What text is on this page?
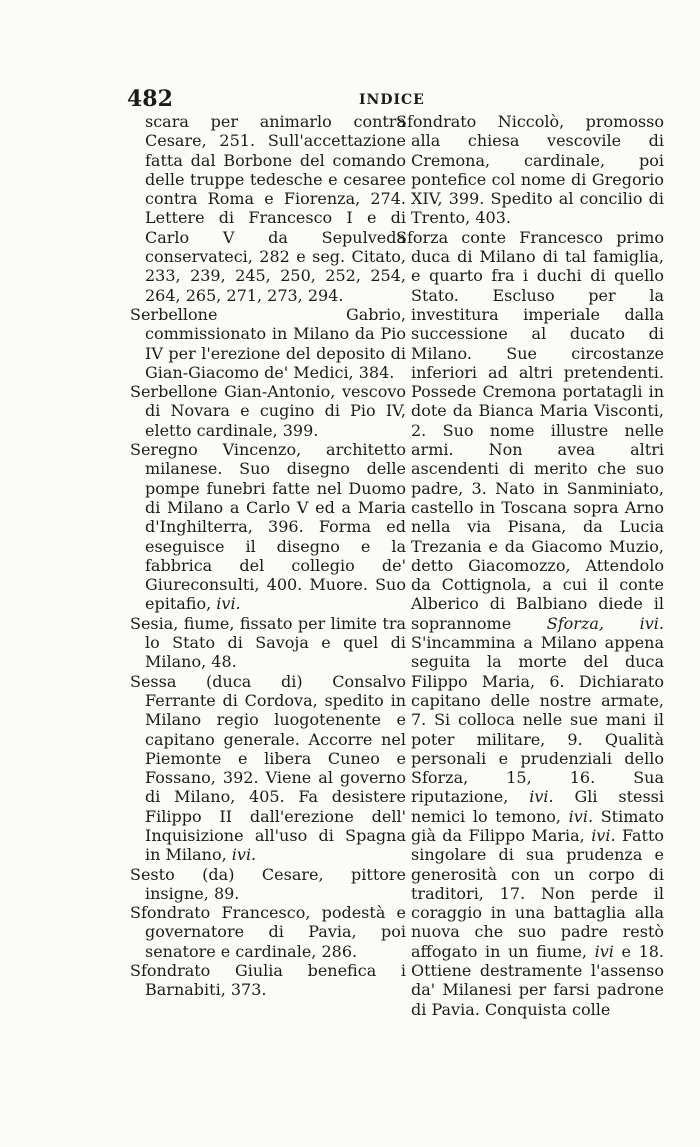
482	INDICE

scara per animarlo contra Cesare, 251. Sull'accettazione fatta dal Borbone del comando delle truppe tedesche e cesaree contra Roma e Fiorenza, 274. Lettere di Francesco I e di Carlo V da Sepulveda conservateci, 282 e seg. Citato, 233, 239, 245, 250, 252, 254, 264, 265, 271, 273, 294.

Serbellone Gabrio, commissionato in Milano da Pio IV per l'erezione del deposito di Gian-Giacomo de' Medici, 384.

Serbellone Gian-Antonio, vescovo di Novara e cugino di Pio IV, eletto cardinale, 399.

Seregno Vincenzo, architetto milanese. Suo disegno delle pompe funebri fatte nel Duomo di Milano a Carlo V ed a Maria d'Inghilterra, 396. Forma ed eseguisce il disegno e la fabbrica del collegio de' Giureconsulti, 400. Muore. Suo epitafio, ivi.

Sesia, fiume, fissato per limite tra lo Stato di Savoja e quel di Milano, 48.

Sessa (duca di) Consalvo Ferrante di Cordova, spedito in Milano regio luogotenente e capitano generale. Accorre nel Piemonte e libera Cuneo e Fossano, 392. Viene al governo di Milano, 405. Fa desistere Filippo II dall'erezione dell' Inquisizione all'uso di Spagna in Milano, ivi.

Sesto (da) Cesare, pittore insigne, 89.

Sfondrato Francesco, podestà e governatore di Pavia, poi senatore e cardinale, 286.

Sfondrato Giulia benefica i Barnabiti, 373.

Sfondrato Niccolò, promosso alla chiesa vescovile di Cremona, cardinale, poi pontefice col nome di Gregorio XIV, 399. Spedito al concilio di Trento, 403.

Sforza conte Francesco primo duca di Milano di tal famiglia, e quarto fra i duchi di quello Stato. Escluso per la investitura imperiale dalla successione al ducato di Milano. Sue circostanze inferiori ad altri pretendenti. Possede Cremona portatagli in dote da Bianca Maria Visconti, 2. Suo nome illustre nelle armi. Non avea altri ascendenti di merito che suo padre, 3. Nato in Sanminiato, castello in Toscana sopra Arno nella via Pisana, da Lucia Trezania e da Giacomo Muzio, detto Giacomozzo, Attendolo da Cottignola, a cui il conte Alberico di Balbiano diede il soprannome Sforza, ivi. S'incammina a Milano appena seguita la morte del duca Filippo Maria, 6. Dichiarato capitano delle nostre armate, 7. Si colloca nelle sue mani il poter militare, 9. Qualità personali e prudenziali dello Sforza, 15, 16. Sua riputazione, ivi. Gli stessi nemici lo temono, ivi. Stimato già da Filippo Maria, ivi. Fatto singolare di sua prudenza e generosità con un corpo di traditori, 17. Non perde il coraggio in una battaglia alla nuova che suo padre restò affogato in un fiume, ivi e 18. Ottiene destramente l'assenso da' Milanesi per farsi padrone di Pavia. Conquista colle
